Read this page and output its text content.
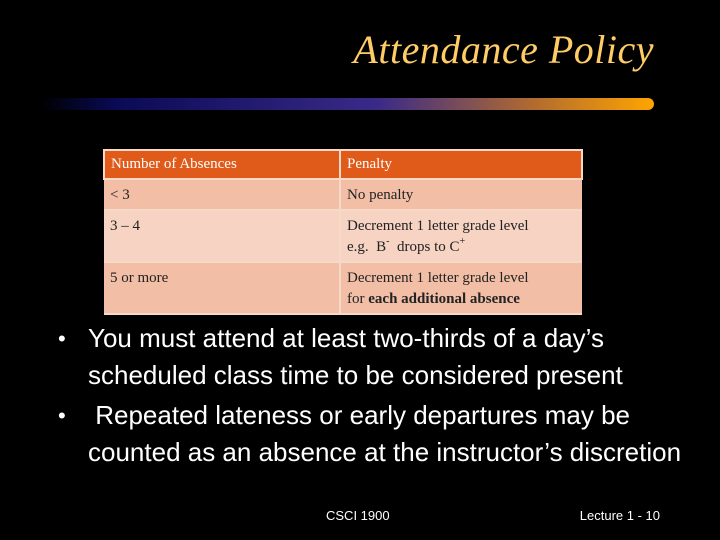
Attendance Policy
Number of Absences	Penalty
< 3	No penalty
3 – 4	Decrement 1 letter grade level
e.g.  B-  drops to C+
5 or more	Decrement 1 letter grade level
for each additional absence
• You must attend at least two-thirds of a day’s scheduled class time to be considered present
• Repeated lateness or early departures may be counted as an absence at the instructor’s discretion
CSCI 1900	Lecture 1 - 10
